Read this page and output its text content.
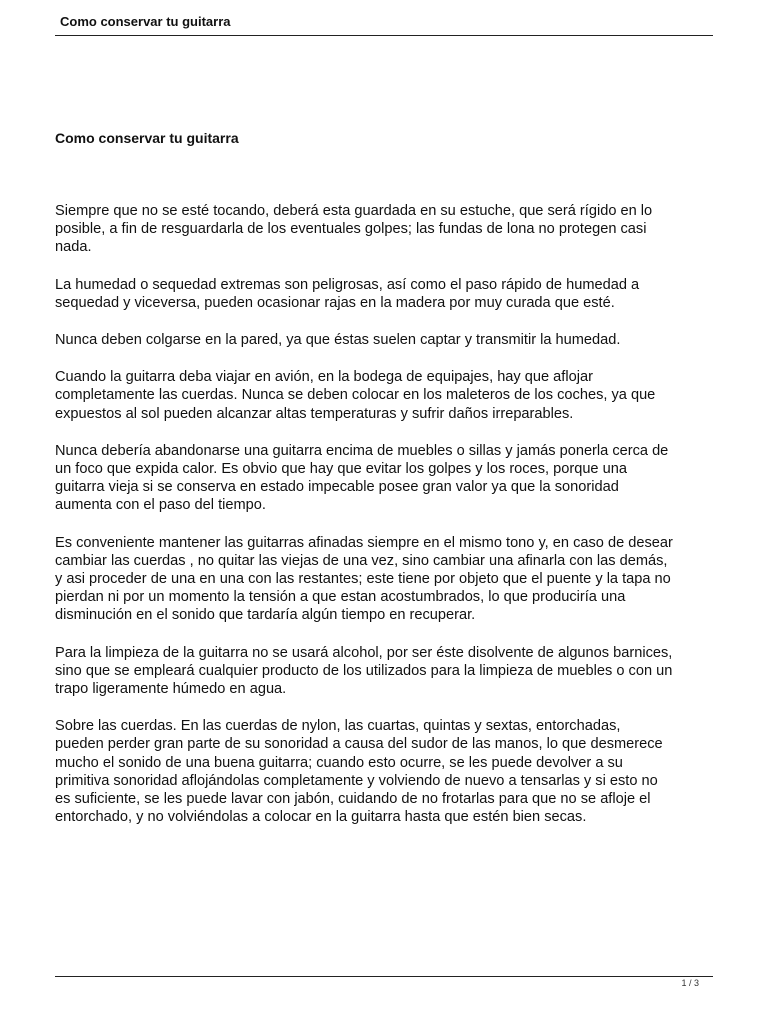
Como conservar tu guitarra
Como conservar tu guitarra

Siempre que no se esté tocando, deberá esta guardada en su estuche, que será rígido en lo
posible, a fin de resguardarla de los eventuales golpes; las fundas de lona no protegen casi
nada.

La humedad o sequedad extremas son peligrosas, así como el paso rápido de humedad a
sequedad y viceversa, pueden ocasionar rajas en la madera por muy curada que esté.

Nunca deben colgarse en la pared, ya que éstas suelen captar y transmitir la humedad.

Cuando la guitarra deba viajar en avión, en la bodega de equipajes, hay que aflojar
completamente las cuerdas. Nunca se deben colocar en los maleteros de los coches, ya que
expuestos al sol pueden alcanzar altas temperaturas y sufrir daños irreparables.

Nunca debería abandonarse una guitarra encima de muebles o sillas y jamás ponerla cerca de
un foco que expida calor. Es obvio que hay que evitar los golpes y los roces, porque una
guitarra vieja si se conserva en estado impecable posee gran valor ya que la sonoridad
aumenta con el paso del tiempo.

Es conveniente mantener las guitarras afinadas siempre en el mismo tono y, en caso de desear
cambiar las cuerdas , no quitar las viejas de una vez, sino cambiar una afinarla con las demás,
y asi proceder de una en una con las restantes; este tiene por objeto que el puente y la tapa no
pierdan ni por un momento la tensión a que estan acostumbrados, lo que produciría una
disminución en el sonido que tardaría algún tiempo en recuperar.

Para la limpieza de la guitarra no se usará alcohol, por ser éste disolvente de algunos barnices,
sino que se empleará cualquier producto de los utilizados para la limpieza de muebles o con un
trapo ligeramente húmedo en agua.

Sobre las cuerdas. En las cuerdas de nylon, las cuartas, quintas y sextas, entorchadas,
pueden perder gran parte de su sonoridad a causa del sudor de las manos, lo que desmerece
mucho el sonido de una buena guitarra; cuando esto ocurre, se les puede devolver a su
primitiva sonoridad aflojándolas completamente y volviendo de nuevo a tensarlas y si esto no
es suficiente, se les puede lavar con jabón, cuidando de no frotarlas para que no se afloje el
entorchado, y no volviéndolas a colocar en la guitarra hasta que estén bien secas.

1 / 3
